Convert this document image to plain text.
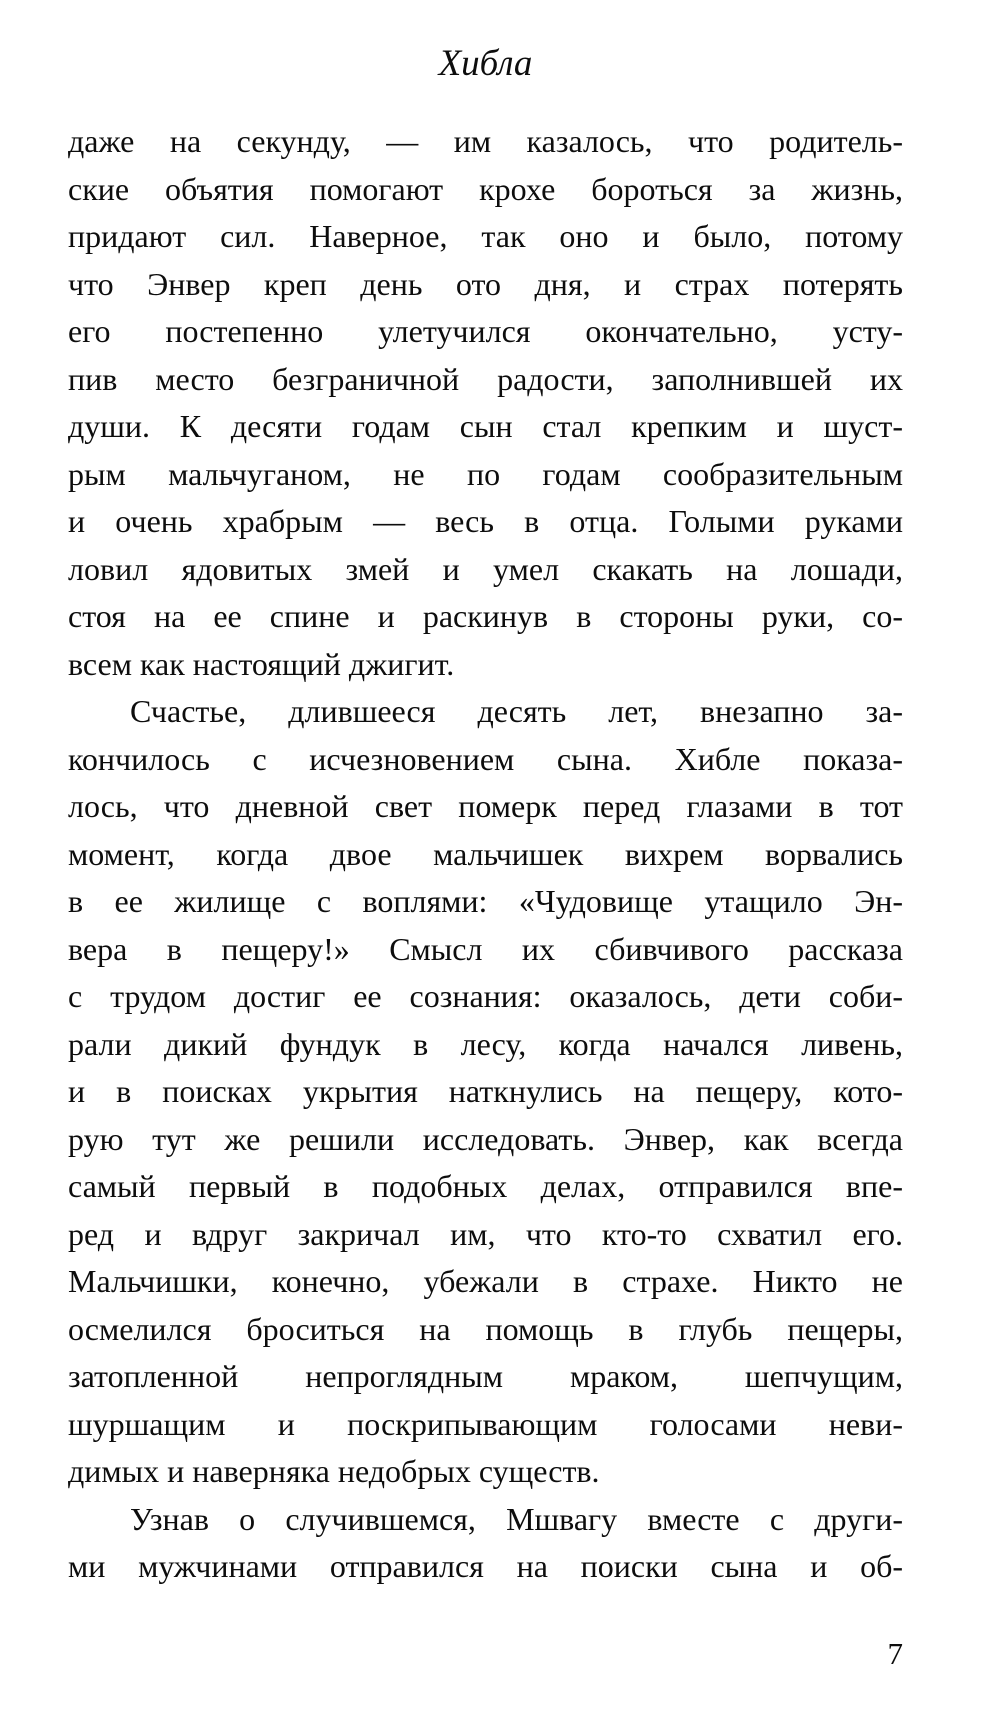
Хибла
даже на секунду, — им казалось, что родитель-
ские объятия помогают крохе бороться за жизнь,
придают сил. Наверное, так оно и было, потому
что Энвер креп день ото дня, и страх потерять
его постепенно улетучился окончательно, усту-
пив место безграничной радости, заполнившей их
души. К десяти годам сын стал крепким и шуст-
рым мальчуганом, не по годам сообразительным
и очень храбрым — весь в отца. Голыми руками
ловил ядовитых змей и умел скакать на лошади,
стоя на ее спине и раскинув в стороны руки, со-
всем как настоящий джигит.
Счастье, длившееся десять лет, внезапно за-
кончилось с исчезновением сына. Хибле показа-
лось, что дневной свет померк перед глазами в тот
момент, когда двое мальчишек вихрем ворвались
в ее жилище с воплями: «Чудовище утащило Эн-
вера в пещеру!» Смысл их сбивчивого рассказа
с трудом достиг ее сознания: оказалось, дети соби-
рали дикий фундук в лесу, когда начался ливень,
и в поисках укрытия наткнулись на пещеру, кото-
рую тут же решили исследовать. Энвер, как всегда
самый первый в подобных делах, отправился впе-
ред и вдруг закричал им, что кто-то схватил его.
Мальчишки, конечно, убежали в страхе. Никто не
осмелился броситься на помощь в глубь пещеры,
затопленной непроглядным мраком, шепчущим,
шуршащим и поскрипывающим голосами неви-
димых и наверняка недобрых существ.
Узнав о случившемся, Мшвагу вместе с други-
ми мужчинами отправился на поиски сына и об-
7
